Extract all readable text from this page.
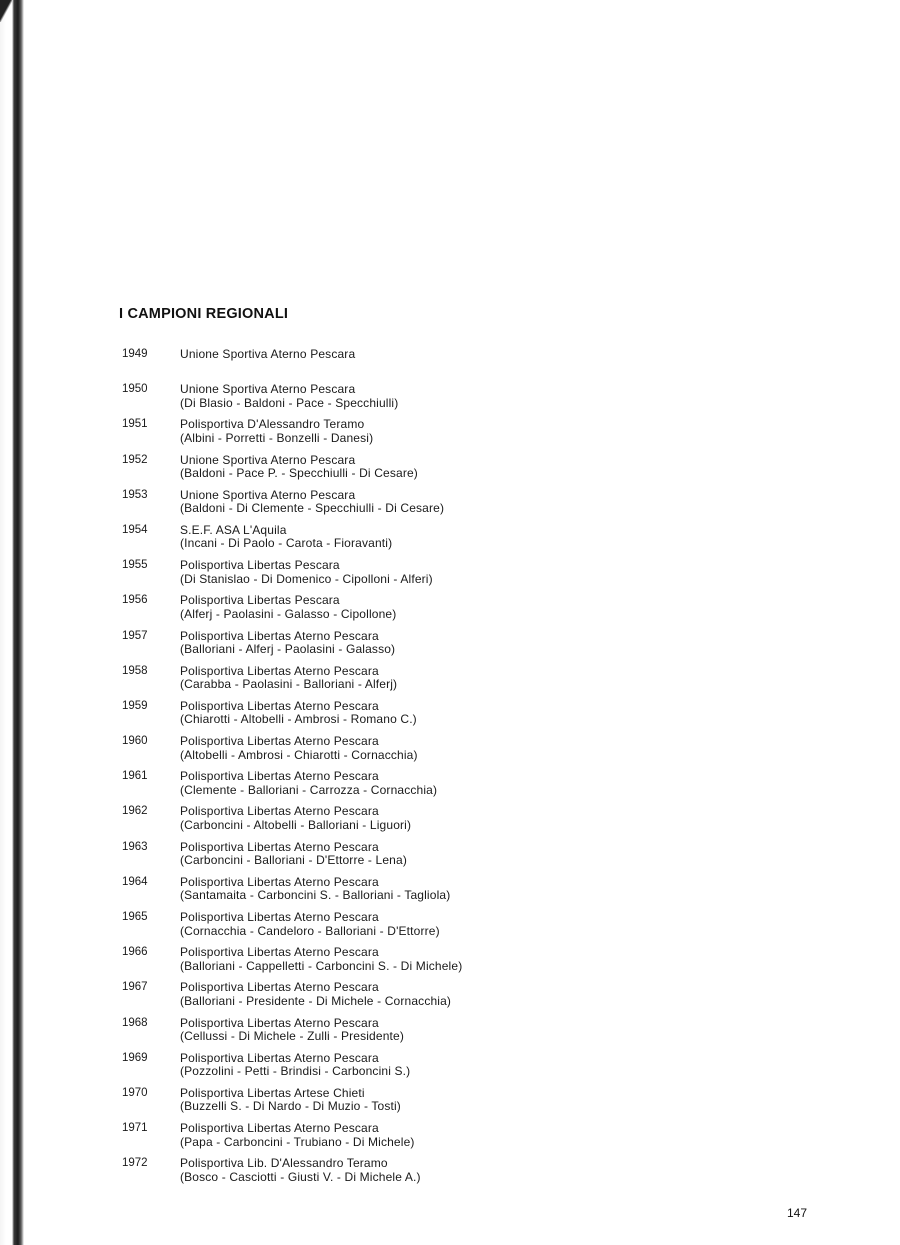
I CAMPIONI REGIONALI
1949	Unione Sportiva Aterno Pescara
1950	Unione Sportiva Aterno Pescara
(Di Blasio - Baldoni - Pace - Specchiulli)
1951	Polisportiva D'Alessandro Teramo
(Albini - Porretti - Bonzelli - Danesi)
1952	Unione Sportiva Aterno Pescara
(Baldoni - Pace P. - Specchiulli - Di Cesare)
1953	Unione Sportiva Aterno Pescara
(Baldoni - Di Clemente - Specchiulli - Di Cesare)
1954	S.E.F. ASA L'Aquila
(Incani - Di Paolo - Carota - Fioravanti)
1955	Polisportiva Libertas Pescara
(Di Stanislao - Di Domenico - Cipolloni - Alferi)
1956	Polisportiva Libertas Pescara
(Alferj - Paolasini - Galasso - Cipollone)
1957	Polisportiva Libertas Aterno Pescara
(Balloriani - Alferj - Paolasini - Galasso)
1958	Polisportiva Libertas Aterno Pescara
(Carabba - Paolasini - Balloriani - Alferj)
1959	Polisportiva Libertas Aterno Pescara
(Chiarotti - Altobelli - Ambrosi - Romano C.)
1960	Polisportiva Libertas Aterno Pescara
(Altobelli - Ambrosi - Chiarotti - Cornacchia)
1961	Polisportiva Libertas Aterno Pescara
(Clemente - Balloriani - Carrozza - Cornacchia)
1962	Polisportiva Libertas Aterno Pescara
(Carboncini - Altobelli - Balloriani - Liguori)
1963	Polisportiva Libertas Aterno Pescara
(Carboncini - Balloriani - D'Ettorre - Lena)
1964	Polisportiva Libertas Aterno Pescara
(Santamaita - Carboncini S. - Balloriani - Tagliola)
1965	Polisportiva Libertas Aterno Pescara
(Cornacchia - Candeloro - Balloriani - D'Ettorre)
1966	Polisportiva Libertas Aterno Pescara
(Balloriani - Cappelletti - Carboncini S. - Di Michele)
1967	Polisportiva Libertas Aterno Pescara
(Balloriani - Presidente - Di Michele - Cornacchia)
1968	Polisportiva Libertas Aterno Pescara
(Cellussi - Di Michele - Zulli - Presidente)
1969	Polisportiva Libertas Aterno Pescara
(Pozzolini - Petti - Brindisi - Carboncini S.)
1970	Polisportiva Libertas Artese Chieti
(Buzzelli S. - Di Nardo - Di Muzio - Tosti)
1971	Polisportiva Libertas Aterno Pescara
(Papa - Carboncini - Trubiano - Di Michele)
1972	Polisportiva Lib. D'Alessandro Teramo
(Bosco - Casciotti - Giusti V. - Di Michele A.)
147
